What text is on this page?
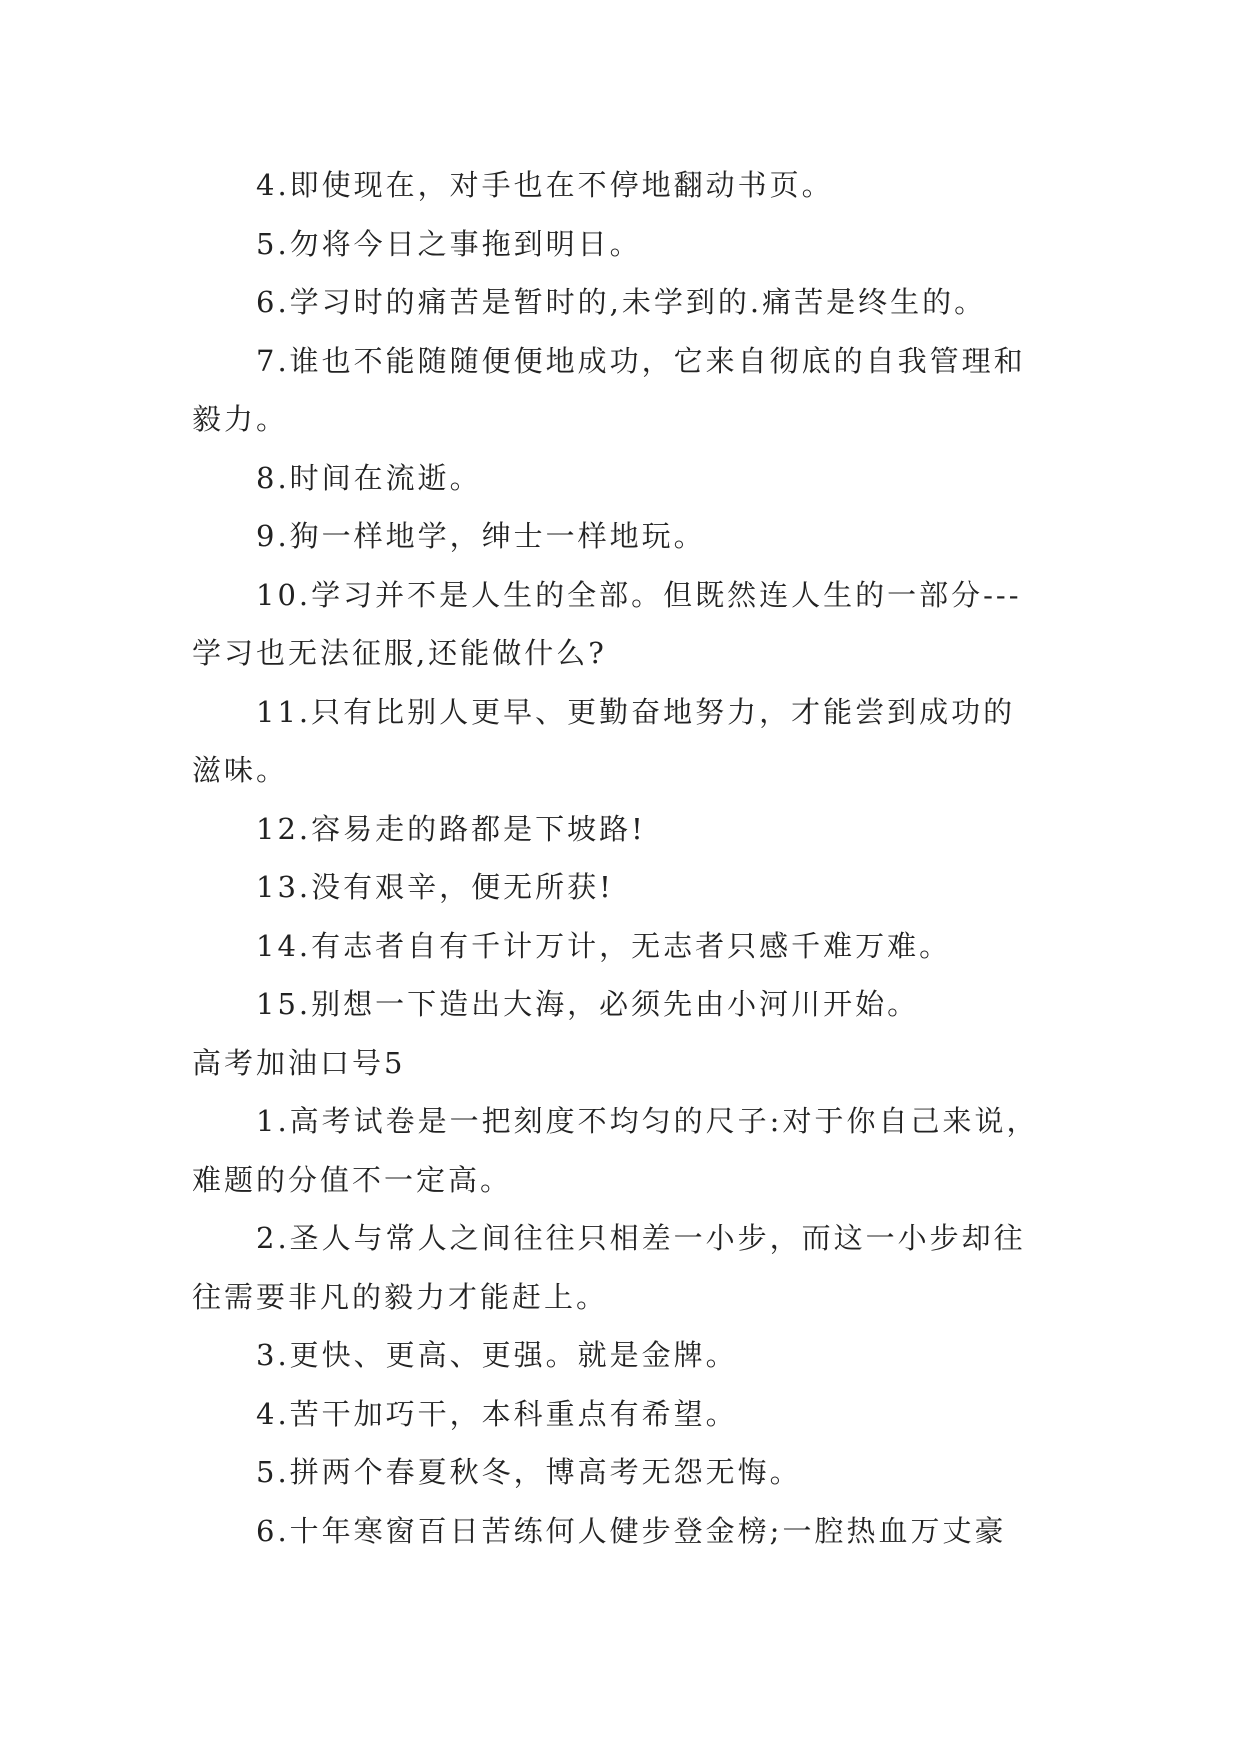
4.即使现在，对手也在不停地翻动书页。
5.勿将今日之事拖到明日。
6.学习时的痛苦是暂时的,未学到的.痛苦是终生的。
7.谁也不能随随便便地成功，它来自彻底的自我管理和
毅力。
8.时间在流逝。
9.狗一样地学，绅士一样地玩。
10.学习并不是人生的全部。但既然连人生的一部分---
学习也无法征服,还能做什么?
11.只有比别人更早、更勤奋地努力，才能尝到成功的
滋味。
12.容易走的路都是下坡路!
13.没有艰辛，便无所获!
14.有志者自有千计万计，无志者只感千难万难。
15.别想一下造出大海，必须先由小河川开始。
高考加油口号5
1.高考试卷是一把刻度不均匀的尺子:对于你自己来说，
难题的分值不一定高。
2.圣人与常人之间往往只相差一小步，而这一小步却往
往需要非凡的毅力才能赶上。
3.更快、更高、更强。就是金牌。
4.苦干加巧干，本科重点有希望。
5.拼两个春夏秋冬，博高考无怨无悔。
6.十年寒窗百日苦练何人健步登金榜;一腔热血万丈豪
